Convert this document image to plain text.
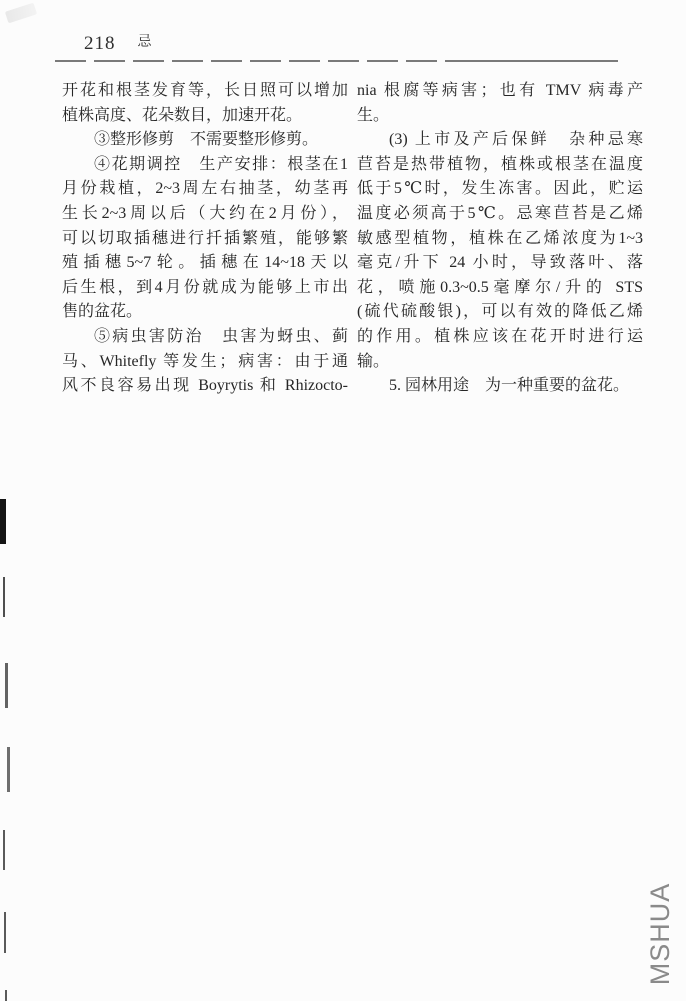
218 忌
开花和根茎发育等，长日照可以增加
植株高度、花朵数目，加速开花。
③整形修剪　不需要整形修剪。
④花期调控　生产安排：根茎在1
月份栽植，2~3周左右抽茎，幼茎再
生长2~3周以后（大约在2月份），
可以切取插穗进行扦插繁殖，能够繁
殖插穗5~7轮。插穗在14~18天以
后生根，到4月份就成为能够上市出
售的盆花。
⑤病虫害防治　虫害为蚜虫、蓟
马、Whitefly 等发生；病害：由于通
风不良容易出现 Boyrytis 和 Rhizocto-
nia 根腐等病害；也有 TMV 病毒产
生。
(3) 上市及产后保鲜　杂种忌寒
苣苔是热带植物，植株或根茎在温度
低于5℃时，发生冻害。因此，贮运
温度必须高于5℃。忌寒苣苔是乙烯
敏感型植物，植株在乙烯浓度为1~3
毫克/升下 24 小时，导致落叶、落
花，喷施0.3~0.5毫摩尔/升的 STS
(硫代硫酸银)，可以有效的降低乙烯
的作用。植株应该在花开时进行运
输。
5. 园林用途　为一种重要的盆花。
MSHUA
